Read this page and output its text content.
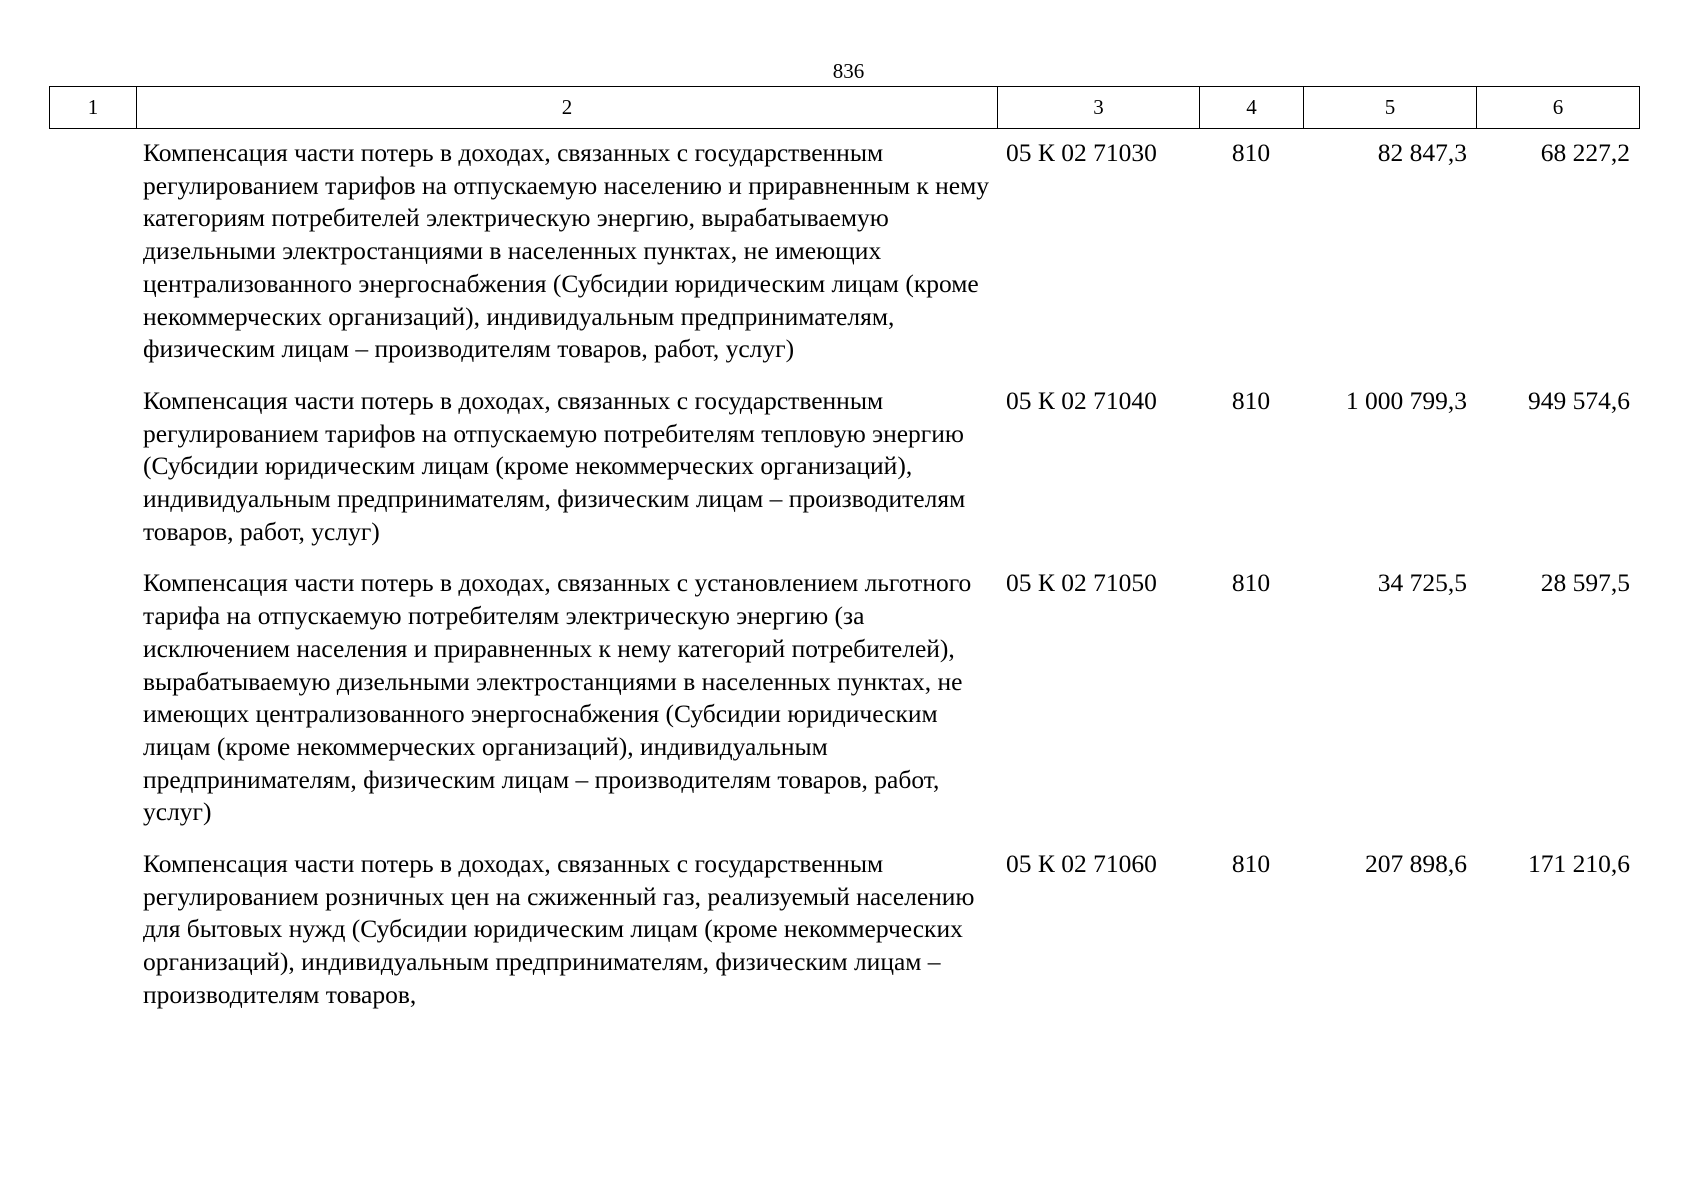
836
1	2	3	4	5	6
Компенсация части потерь в доходах, связанных с государственным регулированием тарифов на отпускаемую населению и приравненным к нему категориям потребителей электрическую энергию, вырабатываемую дизельными электростанциями в населенных пунктах, не имеющих централизованного энергоснабжения (Субсидии юридическим лицам (кроме некоммерческих организаций), индивидуальным предпринимателям, физическим лицам – производителям товаров, работ, услуг)	05 К 02 71030	810	82 847,3	68 227,2

Компенсация части потерь в доходах, связанных с государственным регулированием тарифов на отпускаемую потребителям тепловую энергию (Субсидии юридическим лицам (кроме некоммерческих организаций), индивидуальным предпринимателям, физическим лицам – производителям товаров, работ, услуг)	05 К 02 71040	810	1 000 799,3	949 574,6

Компенсация части потерь в доходах, связанных с установлением льготного тарифа на отпускаемую потребителям электрическую энергию (за исключением населения и приравненных к нему категорий потребителей), вырабатываемую дизельными электростанциями в населенных пунктах, не имеющих централизованного энергоснабжения (Субсидии юридическим лицам (кроме некоммерческих организаций), индивидуальным предпринимателям, физическим лицам – производителям товаров, работ, услуг)	05 К 02 71050	810	34 725,5	28 597,5

Компенсация части потерь в доходах, связанных с государственным регулированием розничных цен на сжиженный газ, реализуемый населению для бытовых нужд (Субсидии юридическим лицам (кроме некоммерческих организаций), индивидуальным предпринимателям, физическим лицам – производителям товаров,	05 К 02 71060	810	207 898,6	171 210,6
